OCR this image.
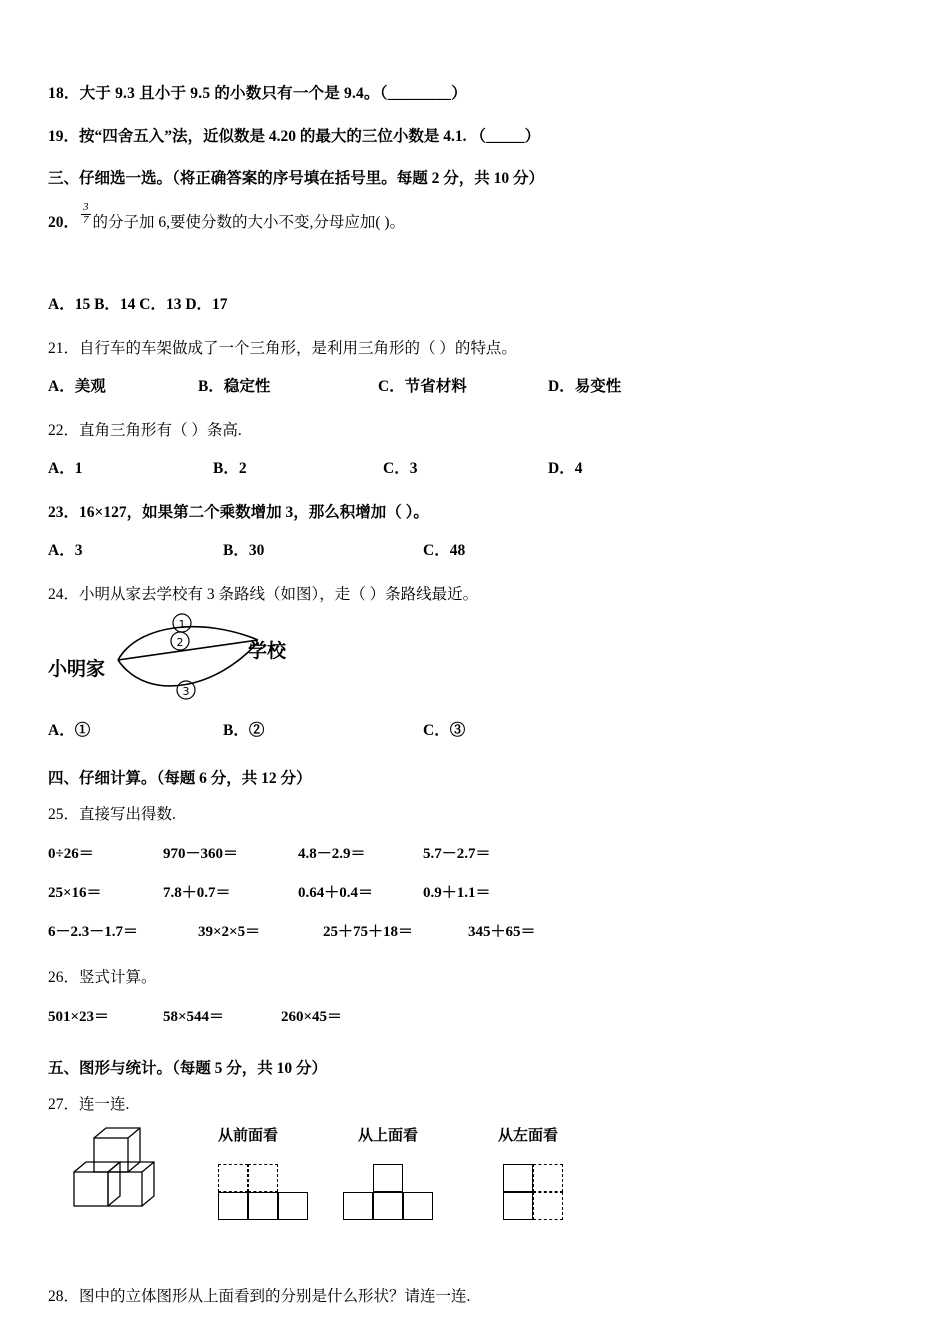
18．大于 9.3 且小于 9.5 的小数只有一个是 9.4。（________）
19．按“四舍五入”法，近似数是 4.20 的最大的三位小数是 4.1. （_____）
三、仔细选一选。（将正确答案的序号填在括号里。每题 2 分，共 10 分）
20． $\frac{3}{7}$ 的分子加 6,要使分数的大小不变,分母应加( )。
A．15 B．14 C．13 D．17
21．自行车的车架做成了一个三角形，是利用三角形的（ ）的特点。
A．美观	B．稳定性	C．节省材料	D．易变性
22．直角三角形有（ ）条高.
A．1	B．2	C．3	D．4
23．16×127，如果第二个乘数增加 3，那么积增加（ ）。
A．3	B．30	C．48
24．小明从家去学校有 3 条路线（如图），走（ ）条路线最近。
小明家
学校
1
2
3
A．①	B．②	C．③
四、仔细计算。（每题 6 分，共 12 分）
25．直接写出得数.
0÷26＝	970－360＝	4.8－2.9＝	5.7－2.7＝
25×16＝	7.8＋0.7＝	0.64＋0.4＝	0.9＋1.1＝
6－2.3－1.7＝	39×2×5＝	25＋75＋18＝	345＋65＝
26．竖式计算。
501×23＝	58×544＝	260×45＝
五、图形与统计。（每题 5 分，共 10 分）
27．连一连.
从前面看	从上面看	从左面看
28．图中的立体图形从上面看到的分别是什么形状？请连一连.
